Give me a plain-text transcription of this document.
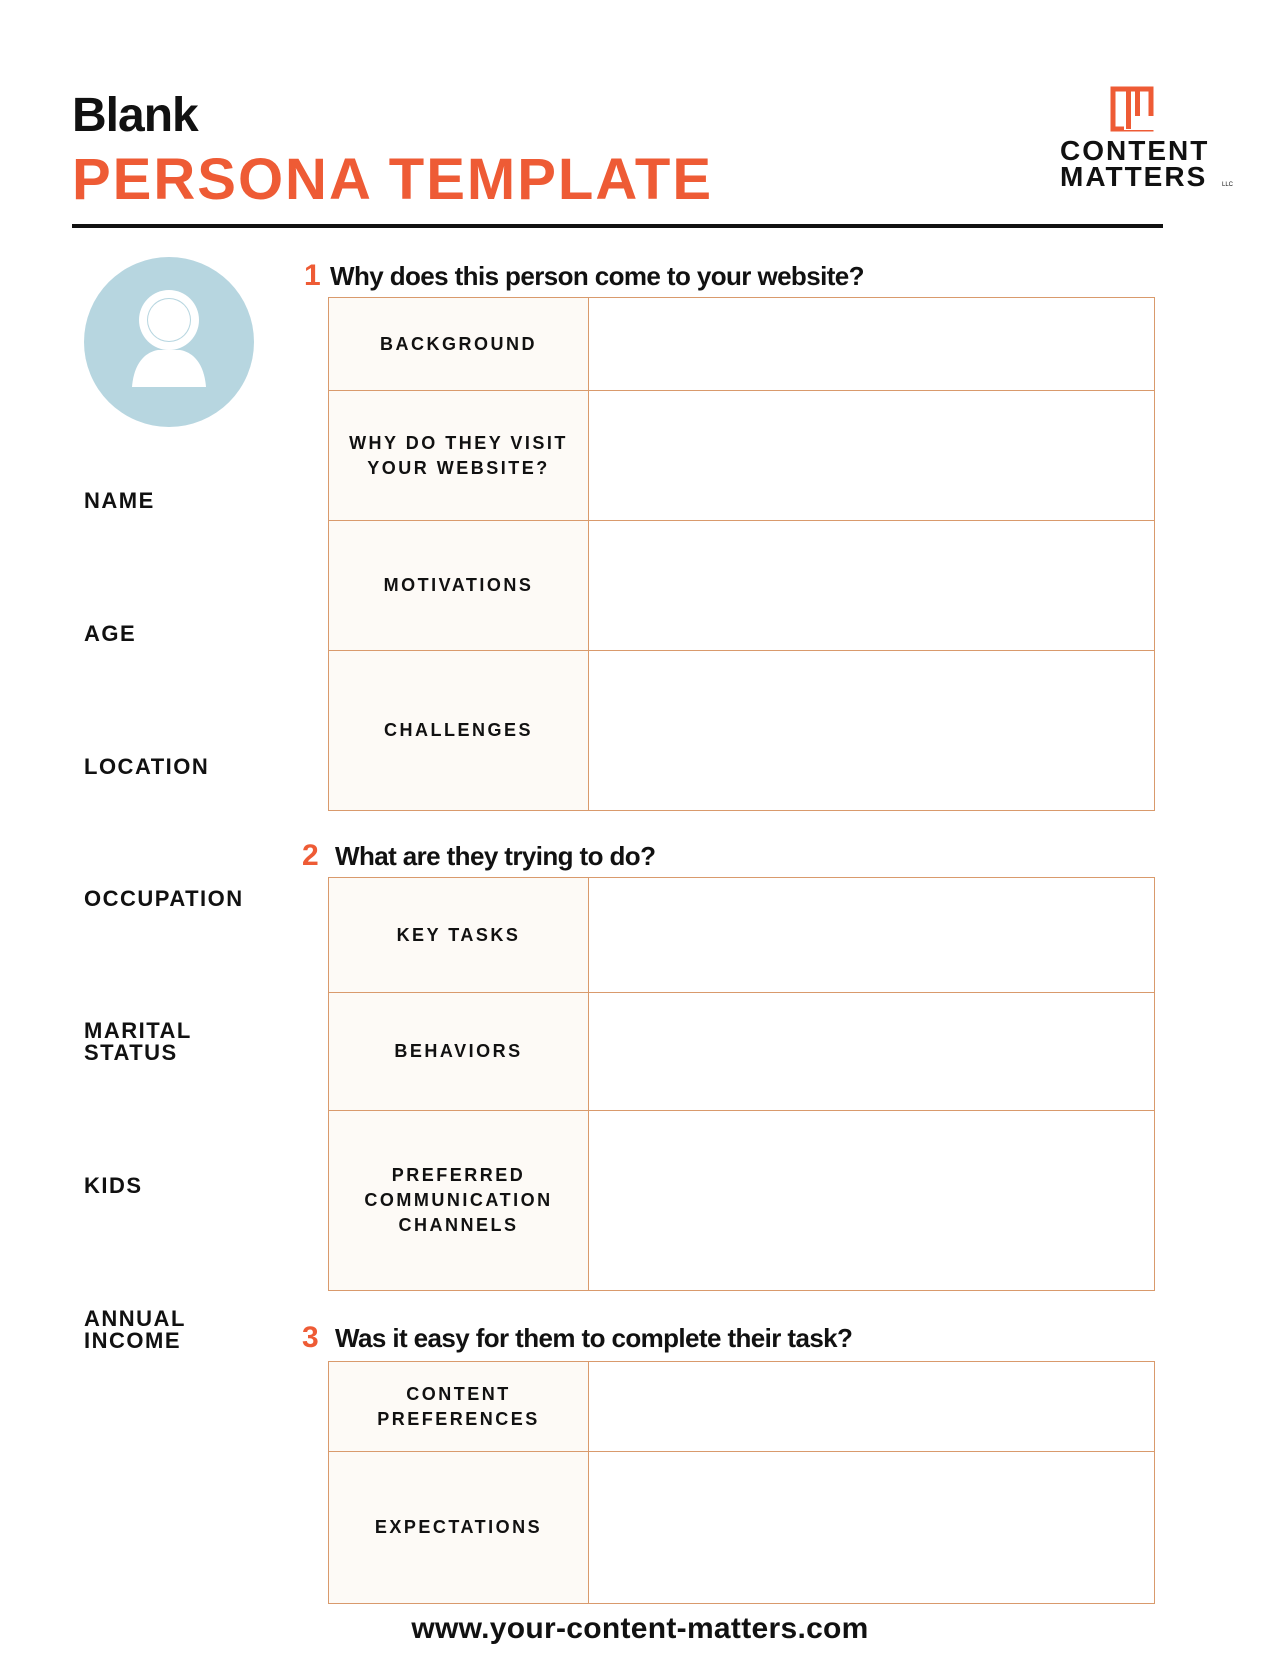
Blank
PERSONA TEMPLATE	CONTENT
MATTERS LLC
NAME
AGE
LOCATION
OCCUPATION
MARITAL
STATUS
KIDS
ANNUAL
INCOME
1 Why does this person come to your website?
BACKGROUND
WHY DO THEY VISIT
YOUR WEBSITE?
MOTIVATIONS
CHALLENGES
2 What are they trying to do?
KEY TASKS
BEHAVIORS
PREFERRED
COMMUNICATION
CHANNELS
3 Was it easy for them to complete their task?
CONTENT
PREFERENCES
EXPECTATIONS
www.your-content-matters.com
